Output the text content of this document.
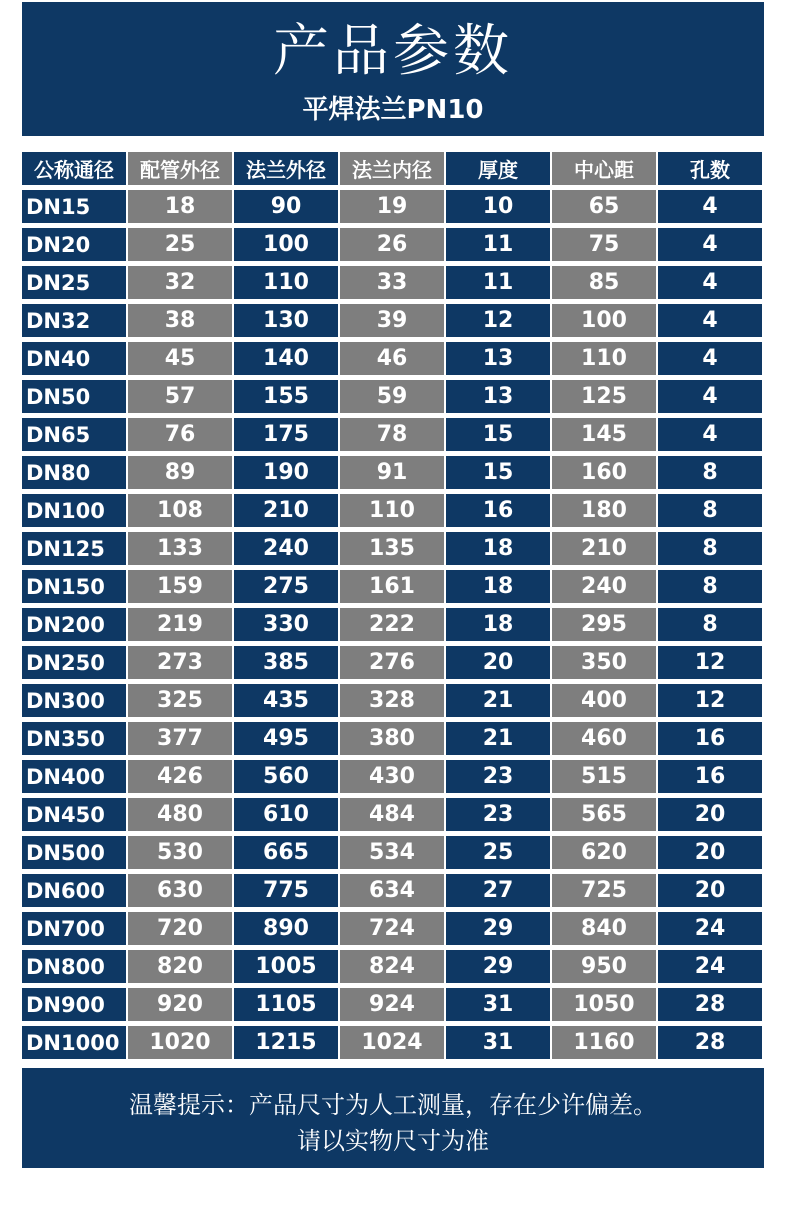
产品参数
平焊法兰PN10
公称通径	配管外径	法兰外径	法兰内径	厚度	中心距	孔数
DN15	18	90	19	10	65	4
DN20	25	100	26	11	75	4
DN25	32	110	33	11	85	4
DN32	38	130	39	12	100	4
DN40	45	140	46	13	110	4
DN50	57	155	59	13	125	4
DN65	76	175	78	15	145	4
DN80	89	190	91	15	160	8
DN100	108	210	110	16	180	8
DN125	133	240	135	18	210	8
DN150	159	275	161	18	240	8
DN200	219	330	222	18	295	8
DN250	273	385	276	20	350	12
DN300	325	435	328	21	400	12
DN350	377	495	380	21	460	16
DN400	426	560	430	23	515	16
DN450	480	610	484	23	565	20
DN500	530	665	534	25	620	20
DN600	630	775	634	27	725	20
DN700	720	890	724	29	840	24
DN800	820	1005	824	29	950	24
DN900	920	1105	924	31	1050	28
DN1000	1020	1215	1024	31	1160	28
温馨提示：产品尺寸为人工测量，存在少许偏差。
请以实物尺寸为准
